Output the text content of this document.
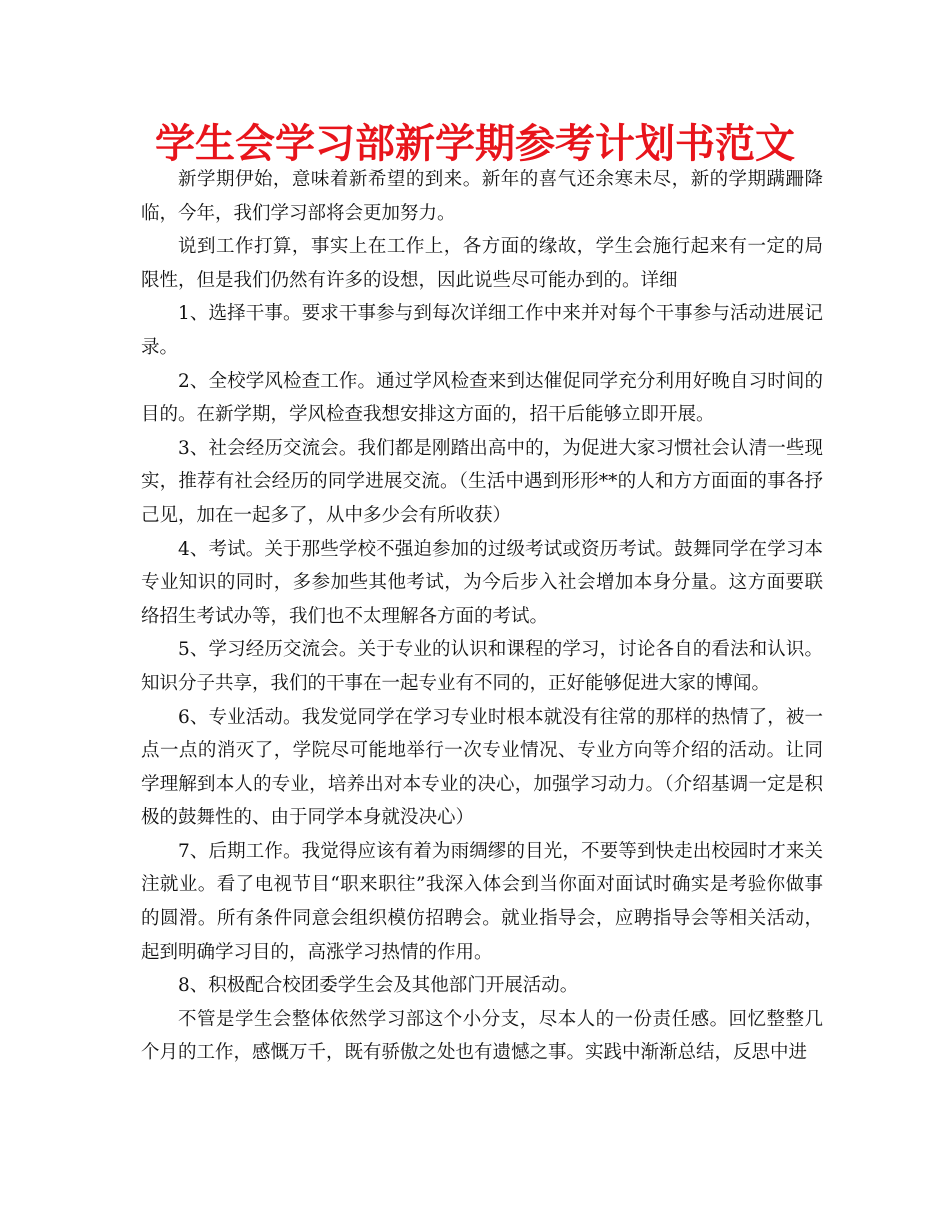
学生会学习部新学期参考计划书范文

新学期伊始，意味着新希望的到来。新年的喜气还余寒未尽，新的学期蹒跚降临，今年，我们学习部将会更加努力。

说到工作打算，事实上在工作上，各方面的缘故，学生会施行起来有一定的局限性，但是我们仍然有许多的设想，因此说些尽可能办到的。详细

1、选择干事。要求干事参与到每次详细工作中来并对每个干事参与活动进展记录。

2、全校学风检查工作。通过学风检查来到达催促同学充分利用好晚自习时间的目的。在新学期，学风检查我想安排这方面的，招干后能够立即开展。

3、社会经历交流会。我们都是刚踏出高中的，为促进大家习惯社会认清一些现实，推荐有社会经历的同学进展交流。（生活中遇到形形**的人和方方面面的事各抒己见，加在一起多了，从中多少会有所收获）

4、考试。关于那些学校不强迫参加的过级考试或资历考试。鼓舞同学在学习本专业知识的同时，多参加些其他考试，为今后步入社会增加本身分量。这方面要联络招生考试办等，我们也不太理解各方面的考试。

5、学习经历交流会。关于专业的认识和课程的学习，讨论各自的看法和认识。知识分子共享，我们的干事在一起专业有不同的，正好能够促进大家的博闻。

6、专业活动。我发觉同学在学习专业时根本就没有往常的那样的热情了，被一点一点的消灭了，学院尽可能地举行一次专业情况、专业方向等介绍的活动。让同学理解到本人的专业，培养出对本专业的决心，加强学习动力。（介绍基调一定是积极的鼓舞性的、由于同学本身就没决心）

7、后期工作。我觉得应该有着为雨绸缪的目光，不要等到快走出校园时才来关注就业。看了电视节目“职来职往”我深入体会到当你面对面试时确实是考验你做事的圆滑。所有条件同意会组织模仿招聘会。就业指导会，应聘指导会等相关活动，起到明确学习目的，高涨学习热情的作用。

8、积极配合校团委学生会及其他部门开展活动。

不管是学生会整体依然学习部这个小分支，尽本人的一份责任感。回忆整整几个月的工作，感慨万千，既有骄傲之处也有遗憾之事。实践中渐渐总结，反思中进
